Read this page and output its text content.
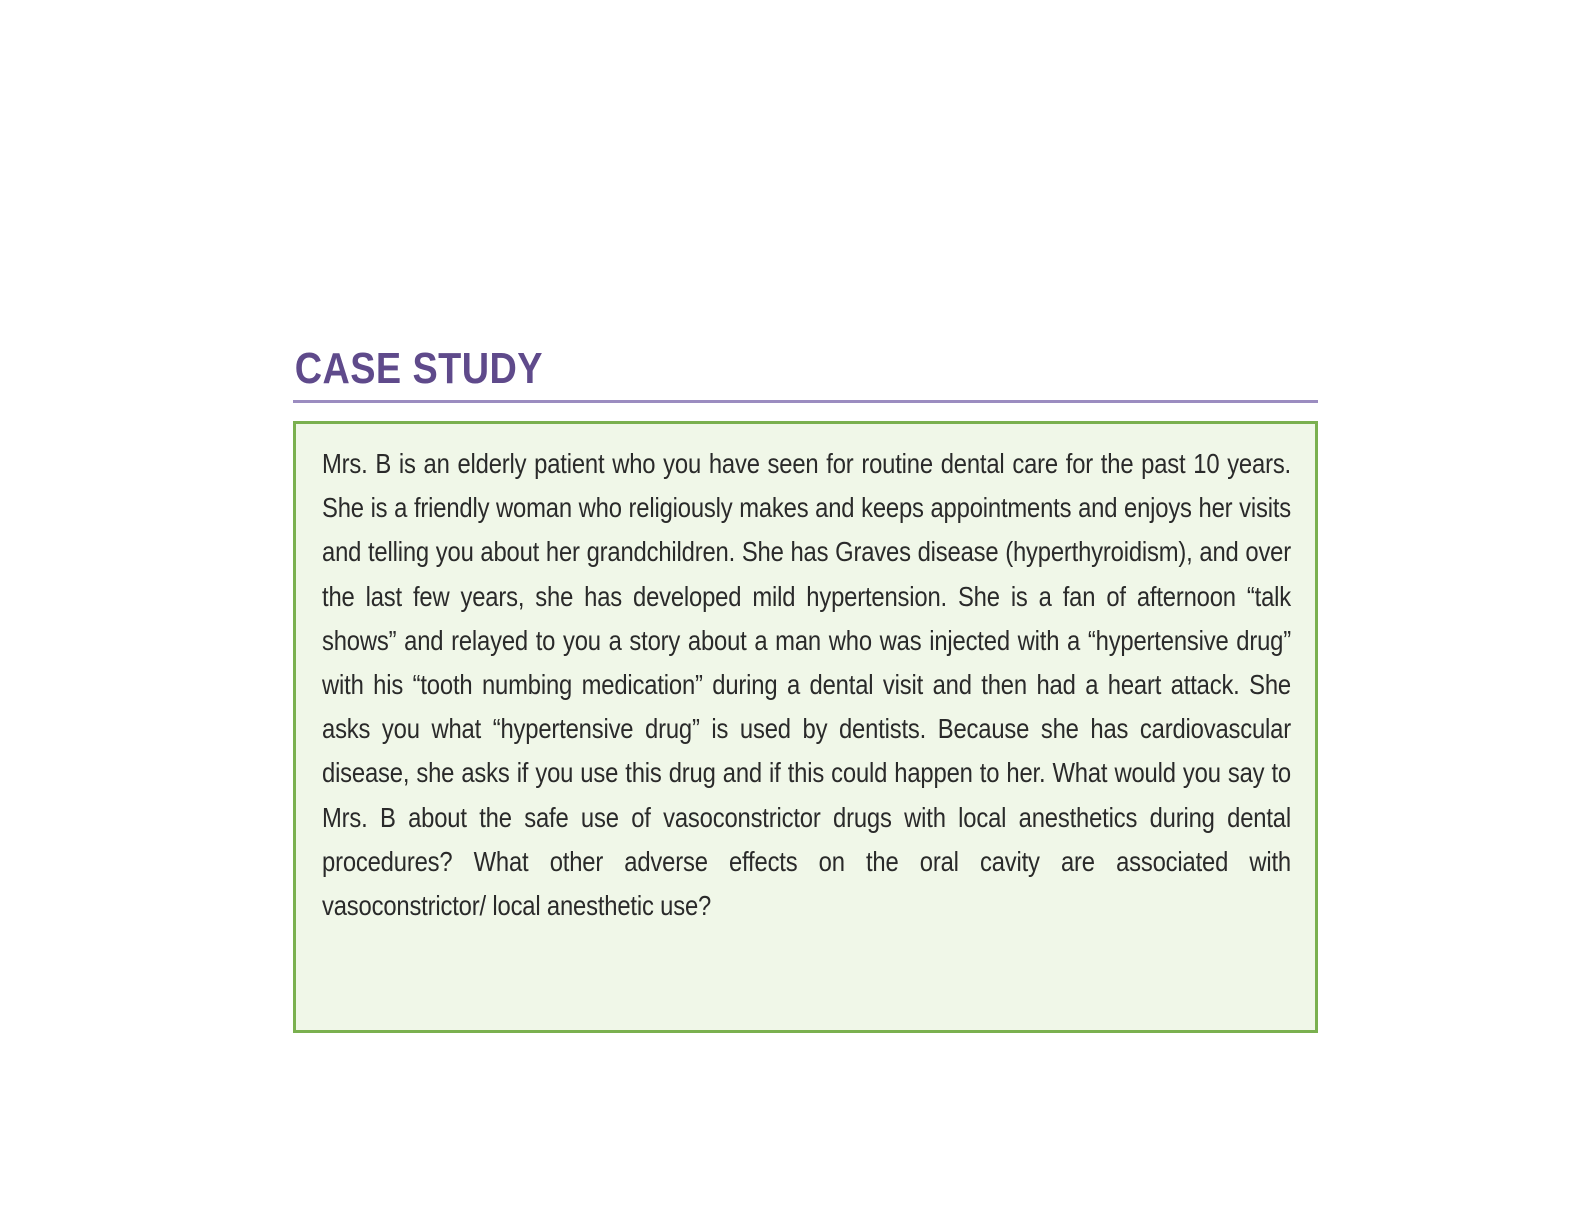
CASE STUDY

Mrs. B is an elderly patient who you have seen for routine dental care for the past 10 years. She is a friendly woman who religiously makes and keeps appointments and enjoys her visits and telling you about her grandchildren. She has Graves disease (hyperthyroidism), and over the last few years, she has developed mild hypertension. She is a fan of afternoon “talk shows” and relayed to you a story about a man who was injected with a “hypertensive drug” with his “tooth numbing medication” during a dental visit and then had a heart attack. She asks you what “hypertensive drug” is used by dentists. Because she has cardiovascular disease, she asks if you use this drug and if this could happen to her. What would you say to Mrs. B about the safe use of vasoconstrictor drugs with local anesthetics during dental procedures? What other adverse effects on the oral cavity are associated with vasoconstrictor/ local anesthetic use?
